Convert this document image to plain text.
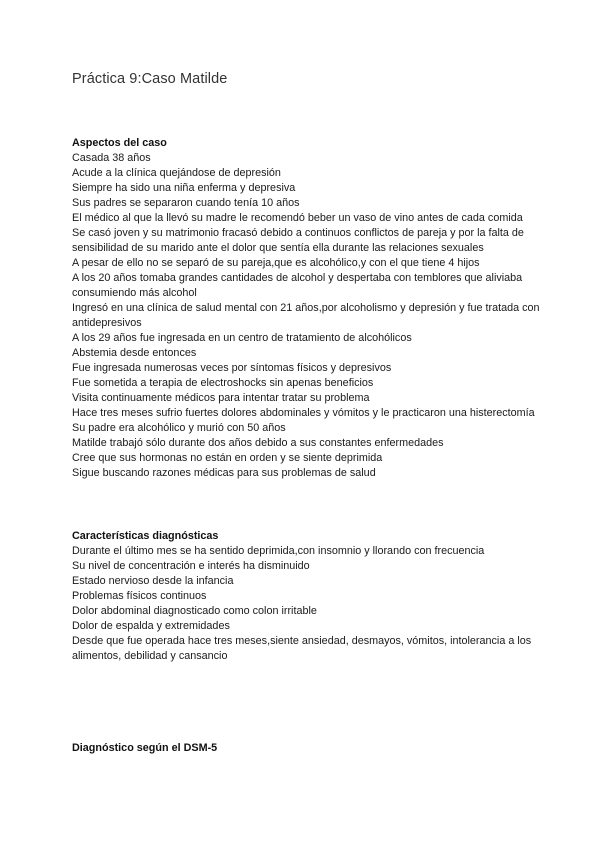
Práctica 9:Caso Matilde
Aspectos del caso
Casada 38 años
Acude a la clínica quejándose de depresión
Siempre ha sido una niña enferma y depresiva
Sus padres se separaron cuando tenía 10 años
El médico al que la llevó su madre le recomendó beber un vaso de vino antes de cada comida
Se casó joven y su matrimonio fracasó debido a continuos conflictos de pareja y por la falta de sensibilidad de su marido ante el dolor que sentía ella durante las relaciones sexuales
A pesar de ello no se separó de su pareja,que es alcohólico,y con el que tiene 4 hijos
A los 20 años tomaba grandes cantidades de alcohol y despertaba con temblores que aliviaba consumiendo más alcohol
Ingresó en una clínica de salud mental con 21 años,por alcoholismo y depresión y fue tratada con antidepresivos
A los 29 años fue ingresada en un centro de tratamiento de alcohólicos
Abstemia desde entonces
Fue ingresada numerosas veces por síntomas físicos y depresivos
Fue sometida a terapia de electroshocks sin apenas beneficios
Visita continuamente médicos para intentar tratar su problema
Hace tres meses sufrio fuertes dolores abdominales y vómitos y le practicaron una histerectomía
Su padre era alcohólico y murió con 50 años
Matilde trabajó sólo durante dos años debido a sus constantes enfermedades
Cree que sus hormonas no están en orden y se siente deprimida
Sigue buscando razones médicas para sus problemas de salud
Características diagnósticas
Durante el último mes se ha sentido deprimida,con insomnio y llorando con frecuencia
Su nivel de concentración e interés ha disminuido
Estado nervioso desde la infancia
Problemas físicos continuos
Dolor abdominal diagnosticado como colon irritable
Dolor de espalda y extremidades
Desde que fue operada hace tres meses,siente ansiedad, desmayos, vómitos, intolerancia a los alimentos, debilidad y cansancio
Diagnóstico según el DSM-5
